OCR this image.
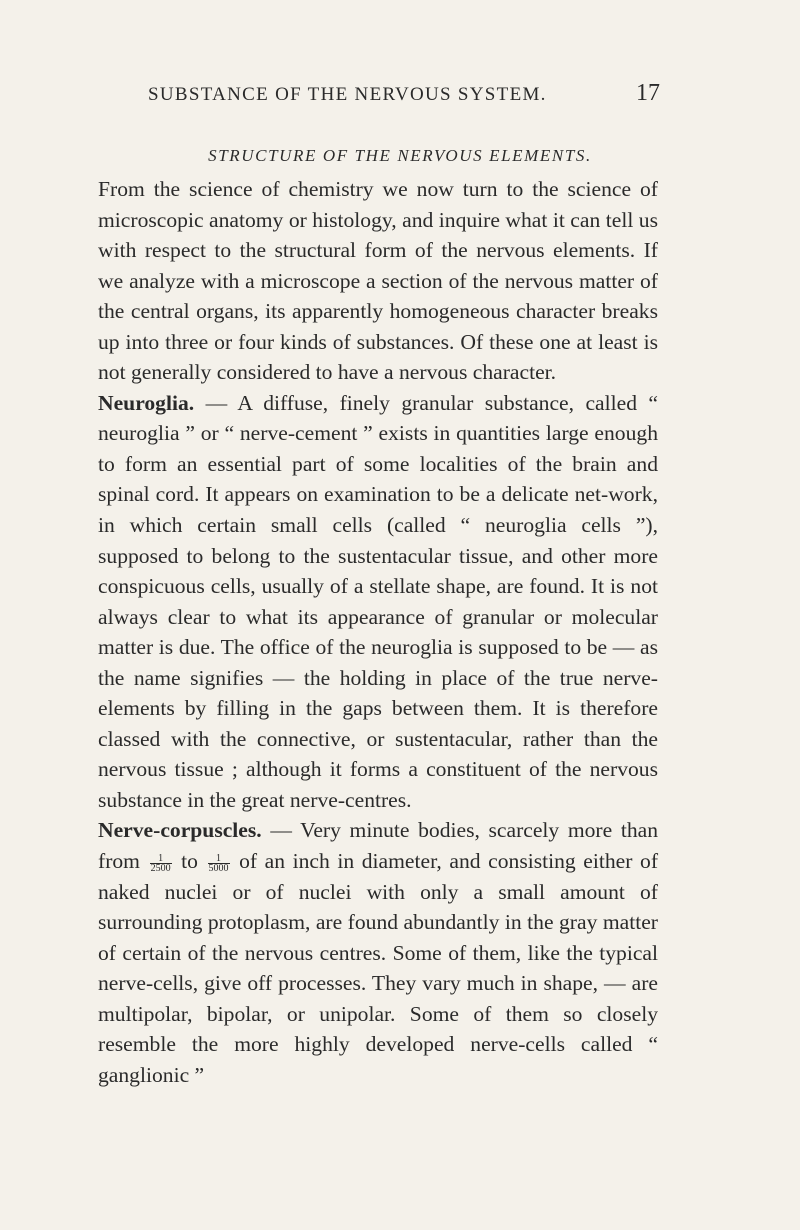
SUBSTANCE OF THE NERVOUS SYSTEM.	17
STRUCTURE OF THE NERVOUS ELEMENTS.

From the science of chemistry we now turn to the science of microscopic anatomy or histology, and inquire what it can tell us with respect to the structural form of the nervous elements. If we analyze with a microscope a section of the nervous matter of the central organs, its apparently homogeneous character breaks up into three or four kinds of substances. Of these one at least is not generally considered to have a nervous character.

Neuroglia. — A diffuse, finely granular substance, called “ neuroglia ” or “ nerve-cement ” exists in quantities large enough to form an essential part of some localities of the brain and spinal cord. It appears on examination to be a delicate net-work, in which certain small cells (called “ neuroglia cells ”), supposed to belong to the sustentacular tissue, and other more conspicuous cells, usually of a stellate shape, are found. It is not always clear to what its appearance of granular or molecular matter is due. The office of the neuroglia is supposed to be — as the name signifies — the holding in place of the true nerve-elements by filling in the gaps between them. It is therefore classed with the connective, or sustentacular, rather than the nervous tissue ; although it forms a constituent of the nervous substance in the great nerve-centres.

Nerve-corpuscles. — Very minute bodies, scarcely more than from $\frac{1}{2500}$ to $\frac{1}{5000}$ of an inch in diameter, and consisting either of naked nuclei or of nuclei with only a small amount of surrounding protoplasm, are found abundantly in the gray matter of certain of the nervous centres. Some of them, like the typical nerve-cells, give off processes. They vary much in shape, — are multipolar, bipolar, or unipolar. Some of them so closely resemble the more highly developed nerve-cells called “ ganglionic ”
